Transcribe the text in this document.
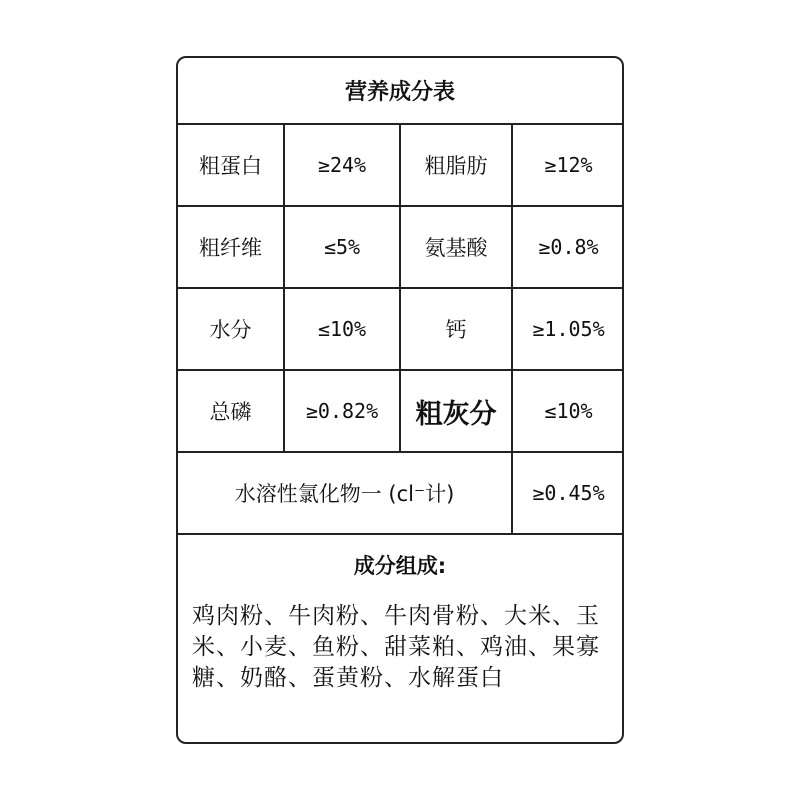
营养成分表
粗蛋白	≥24%	粗脂肪	≥12%
粗纤维	≤5%	氨基酸	≥0.8%
水分	≤10%	钙	≥1.05%
总磷	≥0.82%	粗灰分	≤10%
水溶性氯化物一 (cl⁻计)	≥0.45%
成分组成:
鸡肉粉、牛肉粉、牛肉骨粉、大米、玉米、小麦、鱼粉、甜菜粕、鸡油、果寡糖、奶酪、蛋黄粉、水解蛋白
